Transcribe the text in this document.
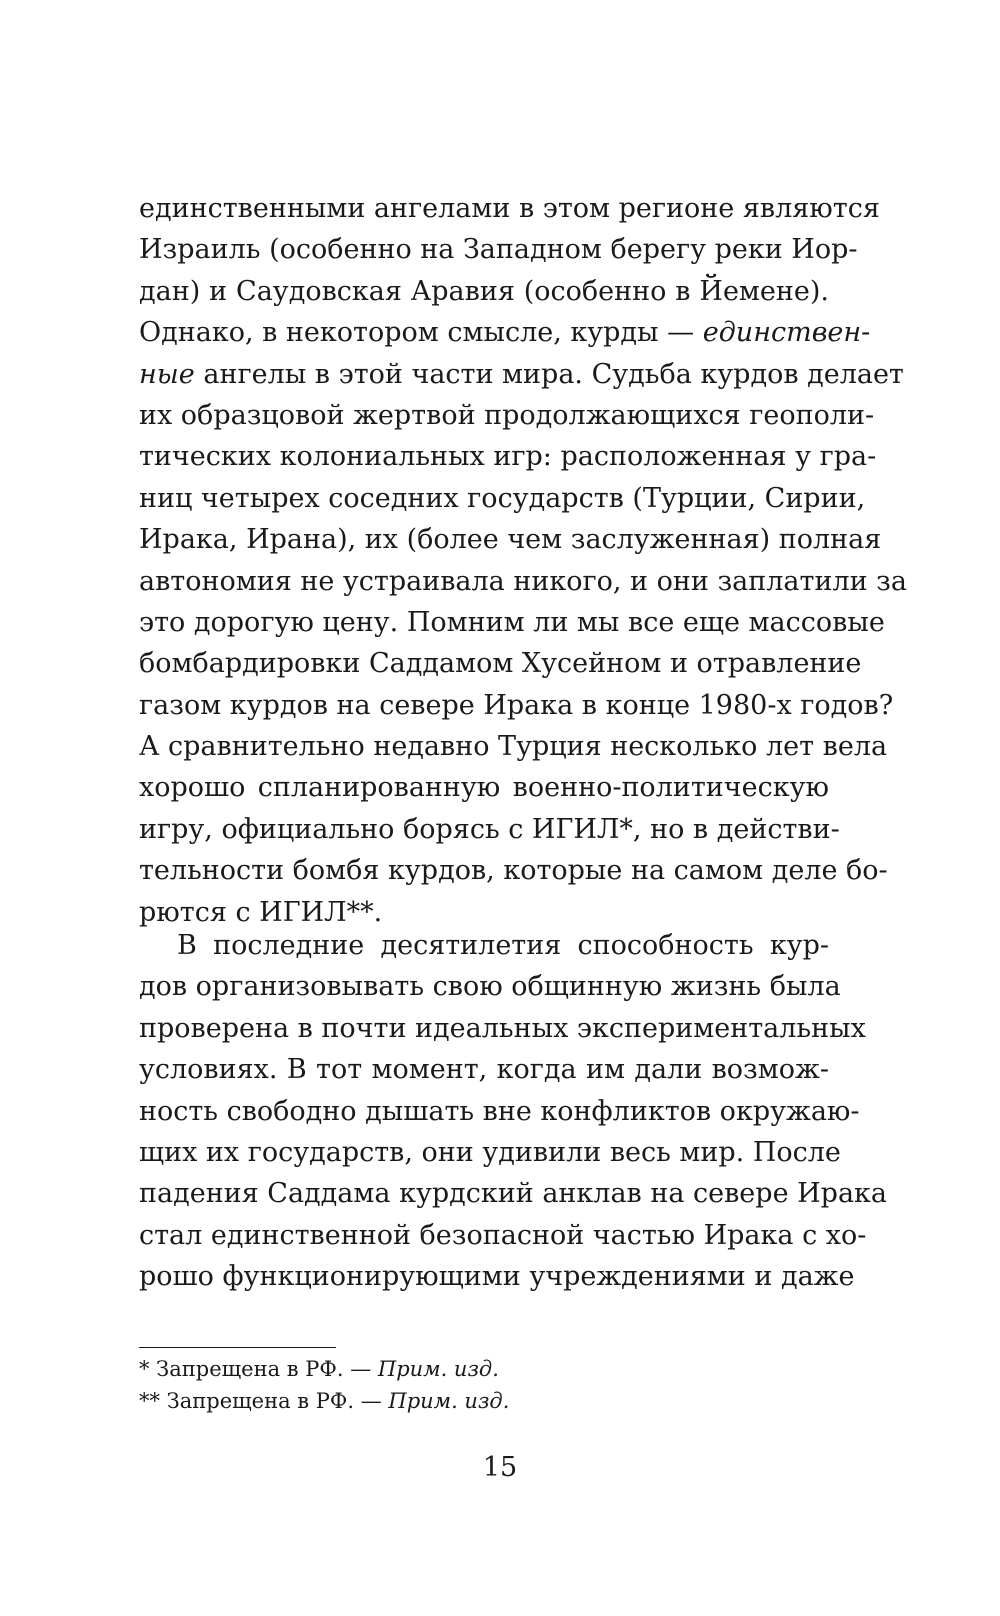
единственными ангелами в этом регионе являются
Израиль (особенно на Западном берегу реки Иор-
дан) и Саудовская Аравия (особенно в Йемене).
Однако, в некотором смысле, курды — единствен-
ные ангелы в этой части мира. Судьба курдов делает
их образцовой жертвой продолжающихся геополи-
тических колониальных игр: расположенная у гра-
ниц четырех соседних государств (Турции, Сирии,
Ирака, Ирана), их (более чем заслуженная) полная
автономия не устраивала никого, и они заплатили за
это дорогую цену. Помним ли мы все еще массовые
бомбардировки Саддамом Хусейном и отравление
газом курдов на севере Ирака в конце 1980-х годов?
А сравнительно недавно Турция несколько лет вела
хорошо спланированную военно-политическую
игру, официально борясь с ИГИЛ*, но в действи-
тельности бомбя курдов, которые на самом деле бо-
рются с ИГИЛ**.
В последние десятилетия способность кур-
дов организовывать свою общинную жизнь была
проверена в почти идеальных экспериментальных
условиях. В тот момент, когда им дали возмож-
ность свободно дышать вне конфликтов окружаю-
щих их государств, они удивили весь мир. После
падения Саддама курдский анклав на севере Ирака
стал единственной безопасной частью Ирака с хо-
рошо функционирующими учреждениями и даже
* Запрещена в РФ. — Прим. изд.
** Запрещена в РФ. — Прим. изд.
15
